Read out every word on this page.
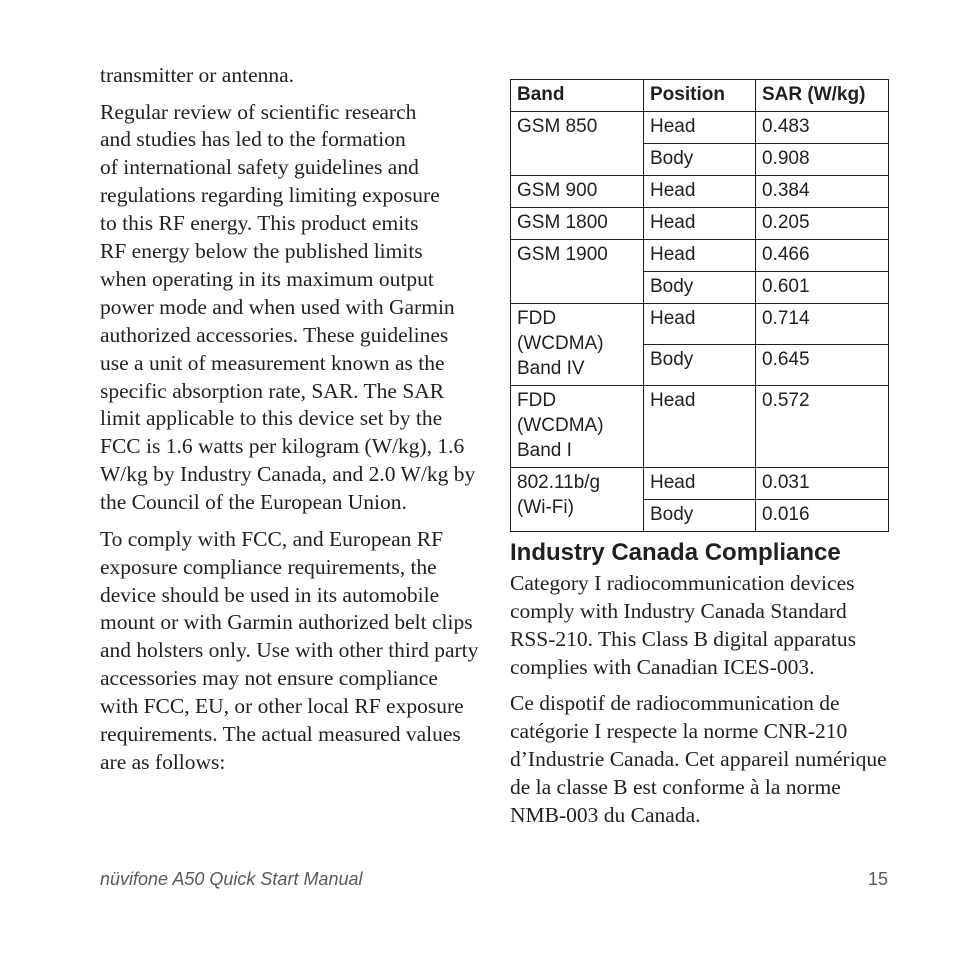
transmitter or antenna.

Regular review of scientific research
and studies has led to the formation
of international safety guidelines and
regulations regarding limiting exposure
to this RF energy. This product emits
RF energy below the published limits
when operating in its maximum output
power mode and when used with Garmin
authorized accessories. These guidelines
use a unit of measurement known as the
specific absorption rate, SAR. The SAR
limit applicable to this device set by the
FCC is 1.6 watts per kilogram (W/kg), 1.6
W/kg by Industry Canada, and 2.0 W/kg by
the Council of the European Union.

To comply with FCC, and European RF
exposure compliance requirements, the
device should be used in its automobile
mount or with Garmin authorized belt clips
and holsters only. Use with other third party
accessories may not ensure compliance
with FCC, EU, or other local RF exposure
requirements. The actual measured values
are as follows:

Band	Position	SAR (W/kg)
GSM 850	Head	0.483
	Body	0.908
GSM 900	Head	0.384
GSM 1800	Head	0.205
GSM 1900	Head	0.466
	Body	0.601
FDD
(WCDMA)
Band IV	Head	0.714
	Body	0.645
FDD
(WCDMA)
Band I	Head	0.572
802.11b/g
(Wi-Fi)	Head	0.031
	Body	0.016
Industry Canada Compliance

Category I radiocommunication devices
comply with Industry Canada Standard
RSS-210. This Class B digital apparatus
complies with Canadian ICES-003.

Ce dispotif de radiocommunication de
catégorie I respecte la norme CNR-210
d’Industrie Canada. Cet appareil numérique
de la classe B est conforme à la norme
NMB-003 du Canada.

nüvifone A50 Quick Start Manual	15
